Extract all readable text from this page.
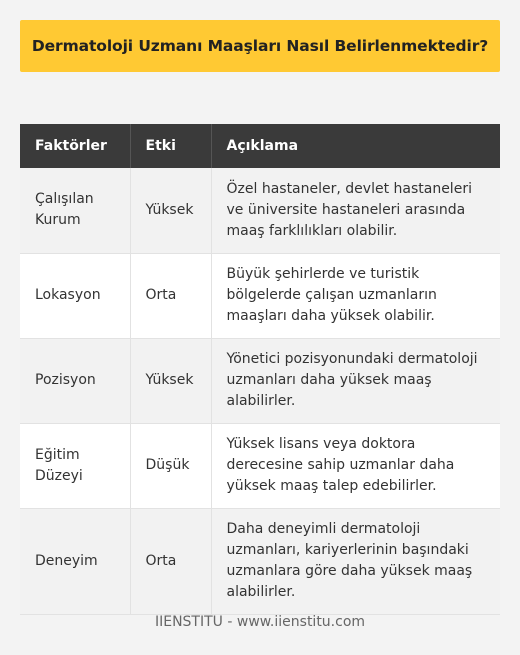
Dermatoloji Uzmanı Maaşları Nasıl Belirlenmektedir?
Faktörler	Etki	Açıklama
Çalışılan Kurum	Yüksek	Özel hastaneler, devlet hastaneleri ve üniversite hastaneleri arasında maaş farklılıkları olabilir.
Lokasyon	Orta	Büyük şehirlerde ve turistik bölgelerde çalışan uzmanların maaşları daha yüksek olabilir.
Pozisyon	Yüksek	Yönetici pozisyonundaki dermatoloji uzmanları daha yüksek maaş alabilirler.
Eğitim Düzeyi	Düşük	Yüksek lisans veya doktora derecesine sahip uzmanlar daha yüksek maaş talep edebilirler.
Deneyim	Orta	Daha deneyimli dermatoloji uzmanları, kariyerlerinin başındaki uzmanlara göre daha yüksek maaş alabilirler.
IIENSTITU - www.iienstitu.com
